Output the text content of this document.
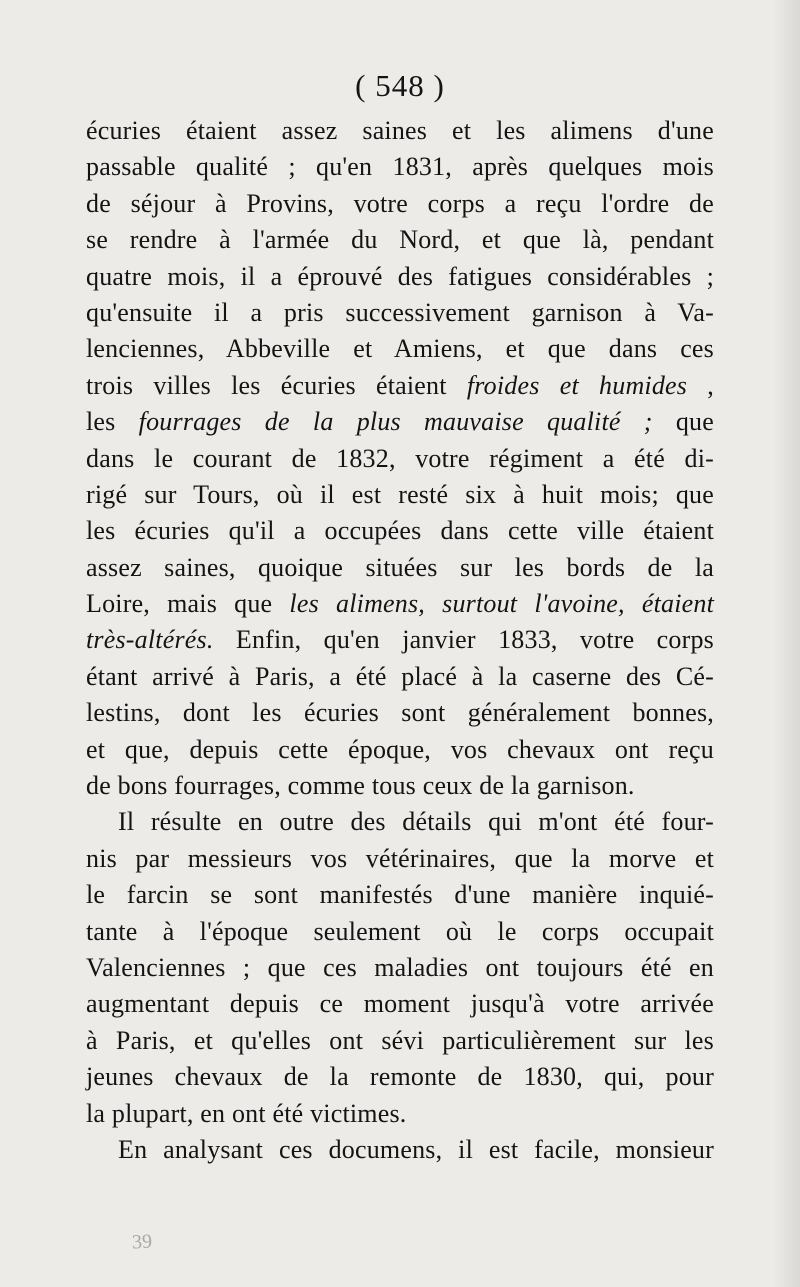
( 548 )
écuries étaient assez saines et les alimens d'une
passable qualité ; qu'en 1831, après quelques mois
de séjour à Provins, votre corps a reçu l'ordre de
se rendre à l'armée du Nord, et que là, pendant
quatre mois, il a éprouvé des fatigues considérables ;
qu'ensuite il a pris successivement garnison à Va-
lenciennes, Abbeville et Amiens, et que dans ces
trois villes les écuries étaient froides et humides ,
les fourrages de la plus mauvaise qualité ; que
dans le courant de 1832, votre régiment a été di-
rigé sur Tours, où il est resté six à huit mois; que
les écuries qu'il a occupées dans cette ville étaient
assez saines, quoique situées sur les bords de la
Loire, mais que les alimens, surtout l'avoine, étaient
très-altérés. Enfin, qu'en janvier 1833, votre corps
étant arrivé à Paris, a été placé à la caserne des Cé-
lestins, dont les écuries sont généralement bonnes,
et que, depuis cette époque, vos chevaux ont reçu
de bons fourrages, comme tous ceux de la garnison.
Il résulte en outre des détails qui m'ont été four-
nis par messieurs vos vétérinaires, que la morve et
le farcin se sont manifestés d'une manière inquié-
tante à l'époque seulement où le corps occupait
Valenciennes ; que ces maladies ont toujours été en
augmentant depuis ce moment jusqu'à votre arrivée
à Paris, et qu'elles ont sévi particulièrement sur les
jeunes chevaux de la remonte de 1830, qui, pour
la plupart, en ont été victimes.
En analysant ces documens, il est facile, monsieur
39
